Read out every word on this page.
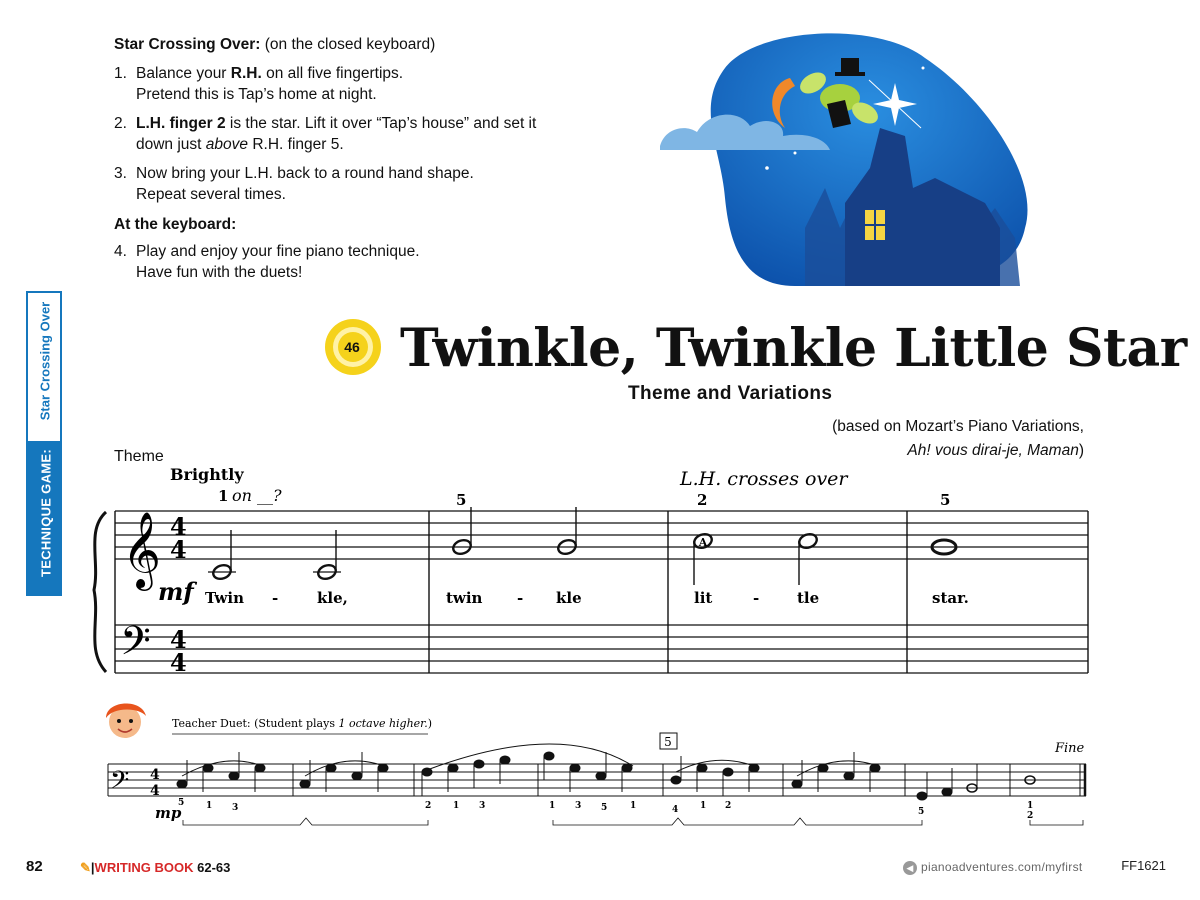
Star Crossing Over: (on the closed keyboard)
1. Balance your R.H. on all five fingertips.
Pretend this is Tap’s home at night.
2. L.H. finger 2 is the star. Lift it over “Tap’s house” and set it
down just above R.H. finger 5.
3. Now bring your L.H. back to a round hand shape.
Repeat several times.
At the keyboard:
4. Play and enjoy your fine piano technique.
Have fun with the duets!
Star Crossing Over
TECHNIQUE GAME:
46 Twinkle, Twinkle Little Star
Theme and Variations
(based on Mozart’s Piano Variations,
Ah! vous dirai-je, Maman)
Theme
Brightly
1 on __?
L.H. crosses over
5	2	5
𝄞
𝄢
4
4
4
4
A
mf Twin -	kle,	twin - kle	lit	-	tle	star.
Teacher Duet: (Student plays 1 octave higher.)
5	Fine
𝄢 4
4
mp
5 1 3	2 1 3	1 3 5	1	4 1 2
5
1
2
82	✎|WRITING BOOK 62-63	◀ pianoadventures.com/myfirst	FF1621
